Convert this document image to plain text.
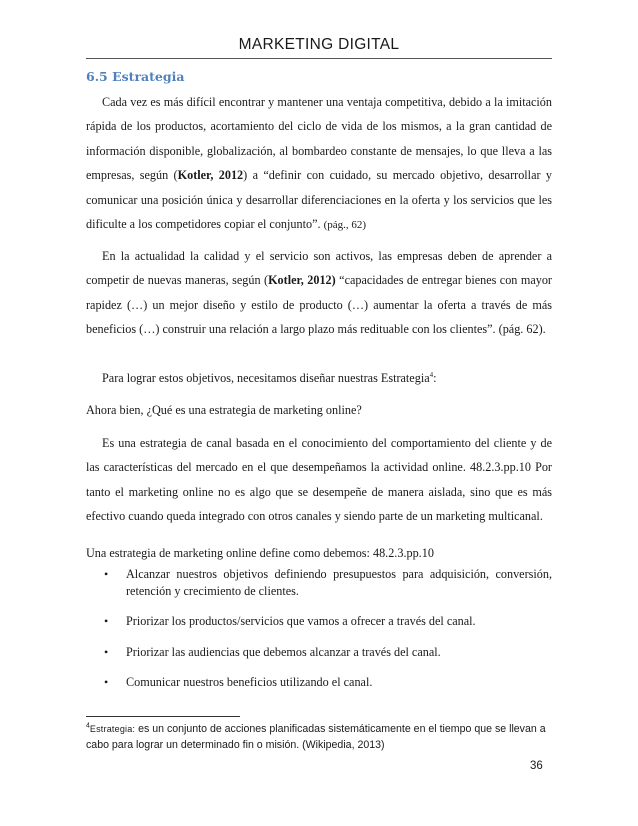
MARKETING DIGITAL
6.5 Estrategia
Cada vez es más difícil encontrar y mantener una ventaja competitiva, debido a la imitación rápida de los productos, acortamiento del ciclo de vida de los mismos, a la gran cantidad de información disponible, globalización, al bombardeo constante de mensajes, lo que lleva a las empresas, según (Kotler, 2012) a “definir con cuidado, su mercado objetivo, desarrollar y comunicar una posición única y desarrollar diferenciaciones en la oferta y los servicios que les dificulte a los competidores copiar el conjunto”. (pág., 62)
En la actualidad la calidad y el servicio son activos, las empresas deben de aprender a competir de nuevas maneras, según (Kotler, 2012) “capacidades de entregar bienes con mayor rapidez (…) un mejor diseño y estilo de producto (…) aumentar la oferta a través de más beneficios (…) construir una relación a largo plazo más redituable con los clientes”. (pág. 62).
Para lograr estos objetivos, necesitamos diseñar nuestras Estrategia$^4$:
Ahora bien, ¿Qué es una estrategia de marketing online?
Es una estrategia de canal basada en el conocimiento del comportamiento del cliente y de las características del mercado en el que desempeñamos la actividad online. 48.2.3.pp.10 Por tanto el marketing online no es algo que se desempeñe de manera aislada, sino que es más efectivo cuando queda integrado con otros canales y siendo parte de un marketing multicanal.
Una estrategia de marketing online define como debemos: 48.2.3.pp.10
• Alcanzar nuestros objetivos definiendo presupuestos para adquisición, conversión, retención y crecimiento de clientes.
• Priorizar los productos/servicios que vamos a ofrecer a través del canal.
• Priorizar las audiencias que debemos alcanzar a través del canal.
• Comunicar nuestros beneficios utilizando el canal.
$^4$Estrategia: es un conjunto de acciones planificadas sistemáticamente en el tiempo que se llevan a cabo para lograr un determinado fin o misión. (Wikipedia, 2013)
36
